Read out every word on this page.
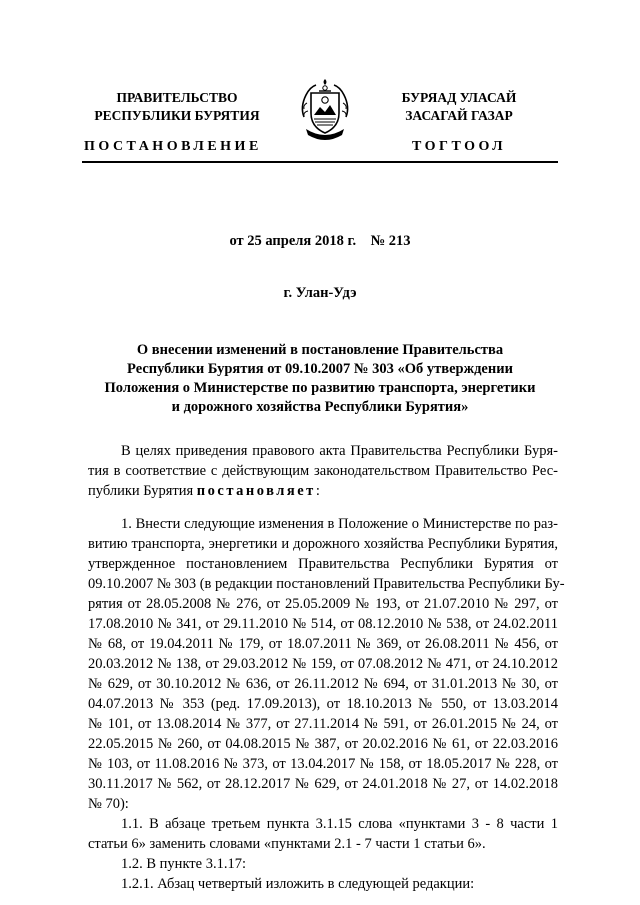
ПРАВИТЕЛЬСТВО
РЕСПУБЛИКИ БУРЯТИЯ
БУРЯАД УЛАСАЙ
ЗАСАГАЙ ГАЗАР
ПОСТАНОВЛЕНИЕ	ТОГТООЛ
от 25 апреля 2018 г.    № 213
г. Улан-Удэ
О внесении изменений в постановление Правительства
Республики Бурятия от 09.10.2007 № 303 «Об утверждении
Положения о Министерстве по развитию транспорта, энергетики
и дорожного хозяйства Республики Бурятия»
В целях приведения правового акта Правительства Республики Буря-
тия в соответствие с действующим законодательством Правительство Рес-
публики Бурятия постановляет:
1. Внести следующие изменения в Положение о Министерстве по раз-
витию транспорта, энергетики и дорожного хозяйства Республики Бурятия,
утвержденное постановлением Правительства Республики Бурятия от
09.10.2007 № 303 (в редакции постановлений Правительства Республики Бу-
рятия от 28.05.2008 № 276, от 25.05.2009 № 193, от 21.07.2010 № 297, от
17.08.2010 № 341, от 29.11.2010 № 514, от 08.12.2010 № 538, от 24.02.2011
№ 68, от 19.04.2011 № 179, от 18.07.2011 № 369, от 26.08.2011 № 456, от
20.03.2012 № 138, от 29.03.2012 № 159, от 07.08.2012 № 471, от 24.10.2012
№ 629, от 30.10.2012 № 636, от 26.11.2012 № 694, от 31.01.2013 № 30, от
04.07.2013 № 353 (ред. 17.09.2013), от 18.10.2013 № 550, от 13.03.2014
№ 101, от 13.08.2014 № 377, от 27.11.2014 № 591, от 26.01.2015 № 24, от
22.05.2015 № 260, от 04.08.2015 № 387, от 20.02.2016 № 61, от 22.03.2016
№ 103, от 11.08.2016 № 373, от 13.04.2017 № 158, от 18.05.2017 № 228, от
30.11.2017 № 562, от 28.12.2017 № 629, от 24.01.2018 № 27, от 14.02.2018
№ 70):
1.1. В абзаце третьем пункта 3.1.15 слова «пунктами 3 - 8 части 1
статьи 6» заменить словами «пунктами 2.1 - 7 части 1 статьи 6».
1.2. В пункте 3.1.17:
1.2.1. Абзац четвертый изложить в следующей редакции:
